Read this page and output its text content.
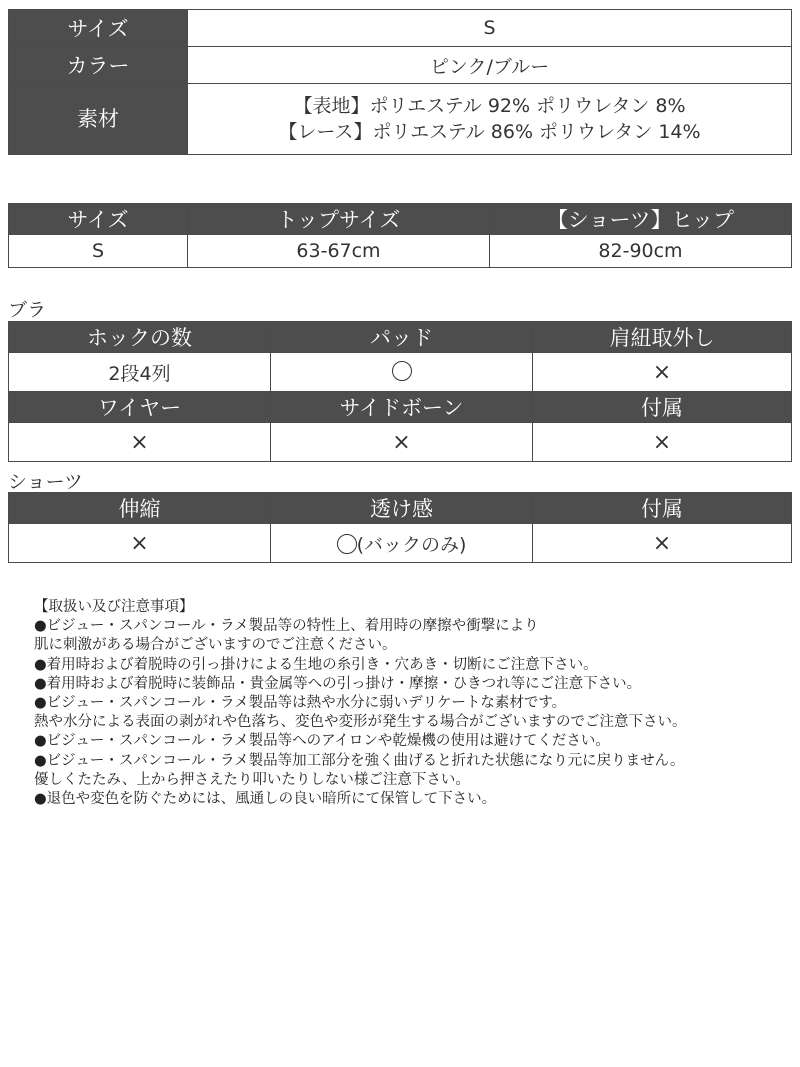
サイズ	S
カラー	ピンク/ブルー
素材	【表地】ポリエステル 92% ポリウレタン 8%
【レース】ポリエステル 86% ポリウレタン 14%
サイズ	トップサイズ	【ショーツ】ヒップ
S	63-67cm	82-90cm
ブラ
ホックの数	パッド	肩紐取外し
2段4列		×
ワイヤー	サイドボーン	付属
×	×	×
ショーツ
伸縮	透け感	付属
×	(バックのみ)	×
【取扱い及び注意事項】
●ビジュー・スパンコール・ラメ製品等の特性上、着用時の摩擦や衝撃により
肌に刺激がある場合がございますのでご注意ください。
●着用時および着脱時の引っ掛けによる生地の糸引き・穴あき・切断にご注意下さい。
●着用時および着脱時に装飾品・貴金属等への引っ掛け・摩擦・ひきつれ等にご注意下さい。
●ビジュー・スパンコール・ラメ製品等は熱や水分に弱いデリケートな素材です。
熱や水分による表面の剥がれや色落ち、変色や変形が発生する場合がございますのでご注意下さい。
●ビジュー・スパンコール・ラメ製品等へのアイロンや乾燥機の使用は避けてください。
●ビジュー・スパンコール・ラメ製品等加工部分を強く曲げると折れた状態になり元に戻りません。
優しくたたみ、上から押さえたり叩いたりしない様ご注意下さい。
●退色や変色を防ぐためには、風通しの良い暗所にて保管して下さい。
